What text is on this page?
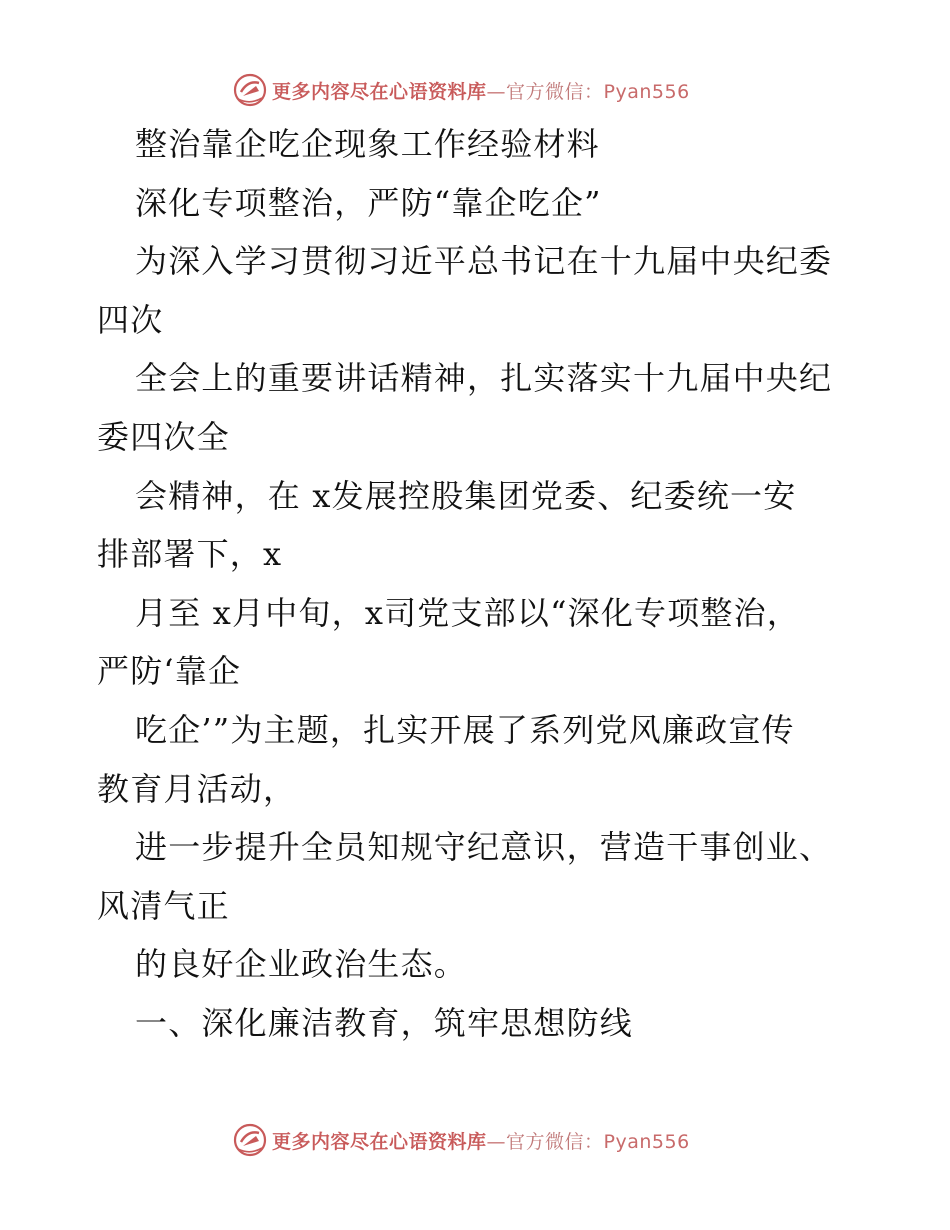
更多内容尽在心语资料库—官方微信：Pyan556
整治靠企吃企现象工作经验材料
深化专项整治，严防“靠企吃企”
为深入学习贯彻习近平总书记在十九届中央纪委
四次
全会上的重要讲话精神，扎实落实十九届中央纪
委四次全
会精神，在 x发展控股集团党委、纪委统一安
排部署下，x
月至 x月中旬，x司党支部以“深化专项整治，
严防‘靠企
吃企’”为主题，扎实开展了系列党风廉政宣传
教育月活动，
进一步提升全员知规守纪意识，营造干事创业、
风清气正
的良好企业政治生态。
一、深化廉洁教育，筑牢思想防线
更多内容尽在心语资料库—官方微信：Pyan556
